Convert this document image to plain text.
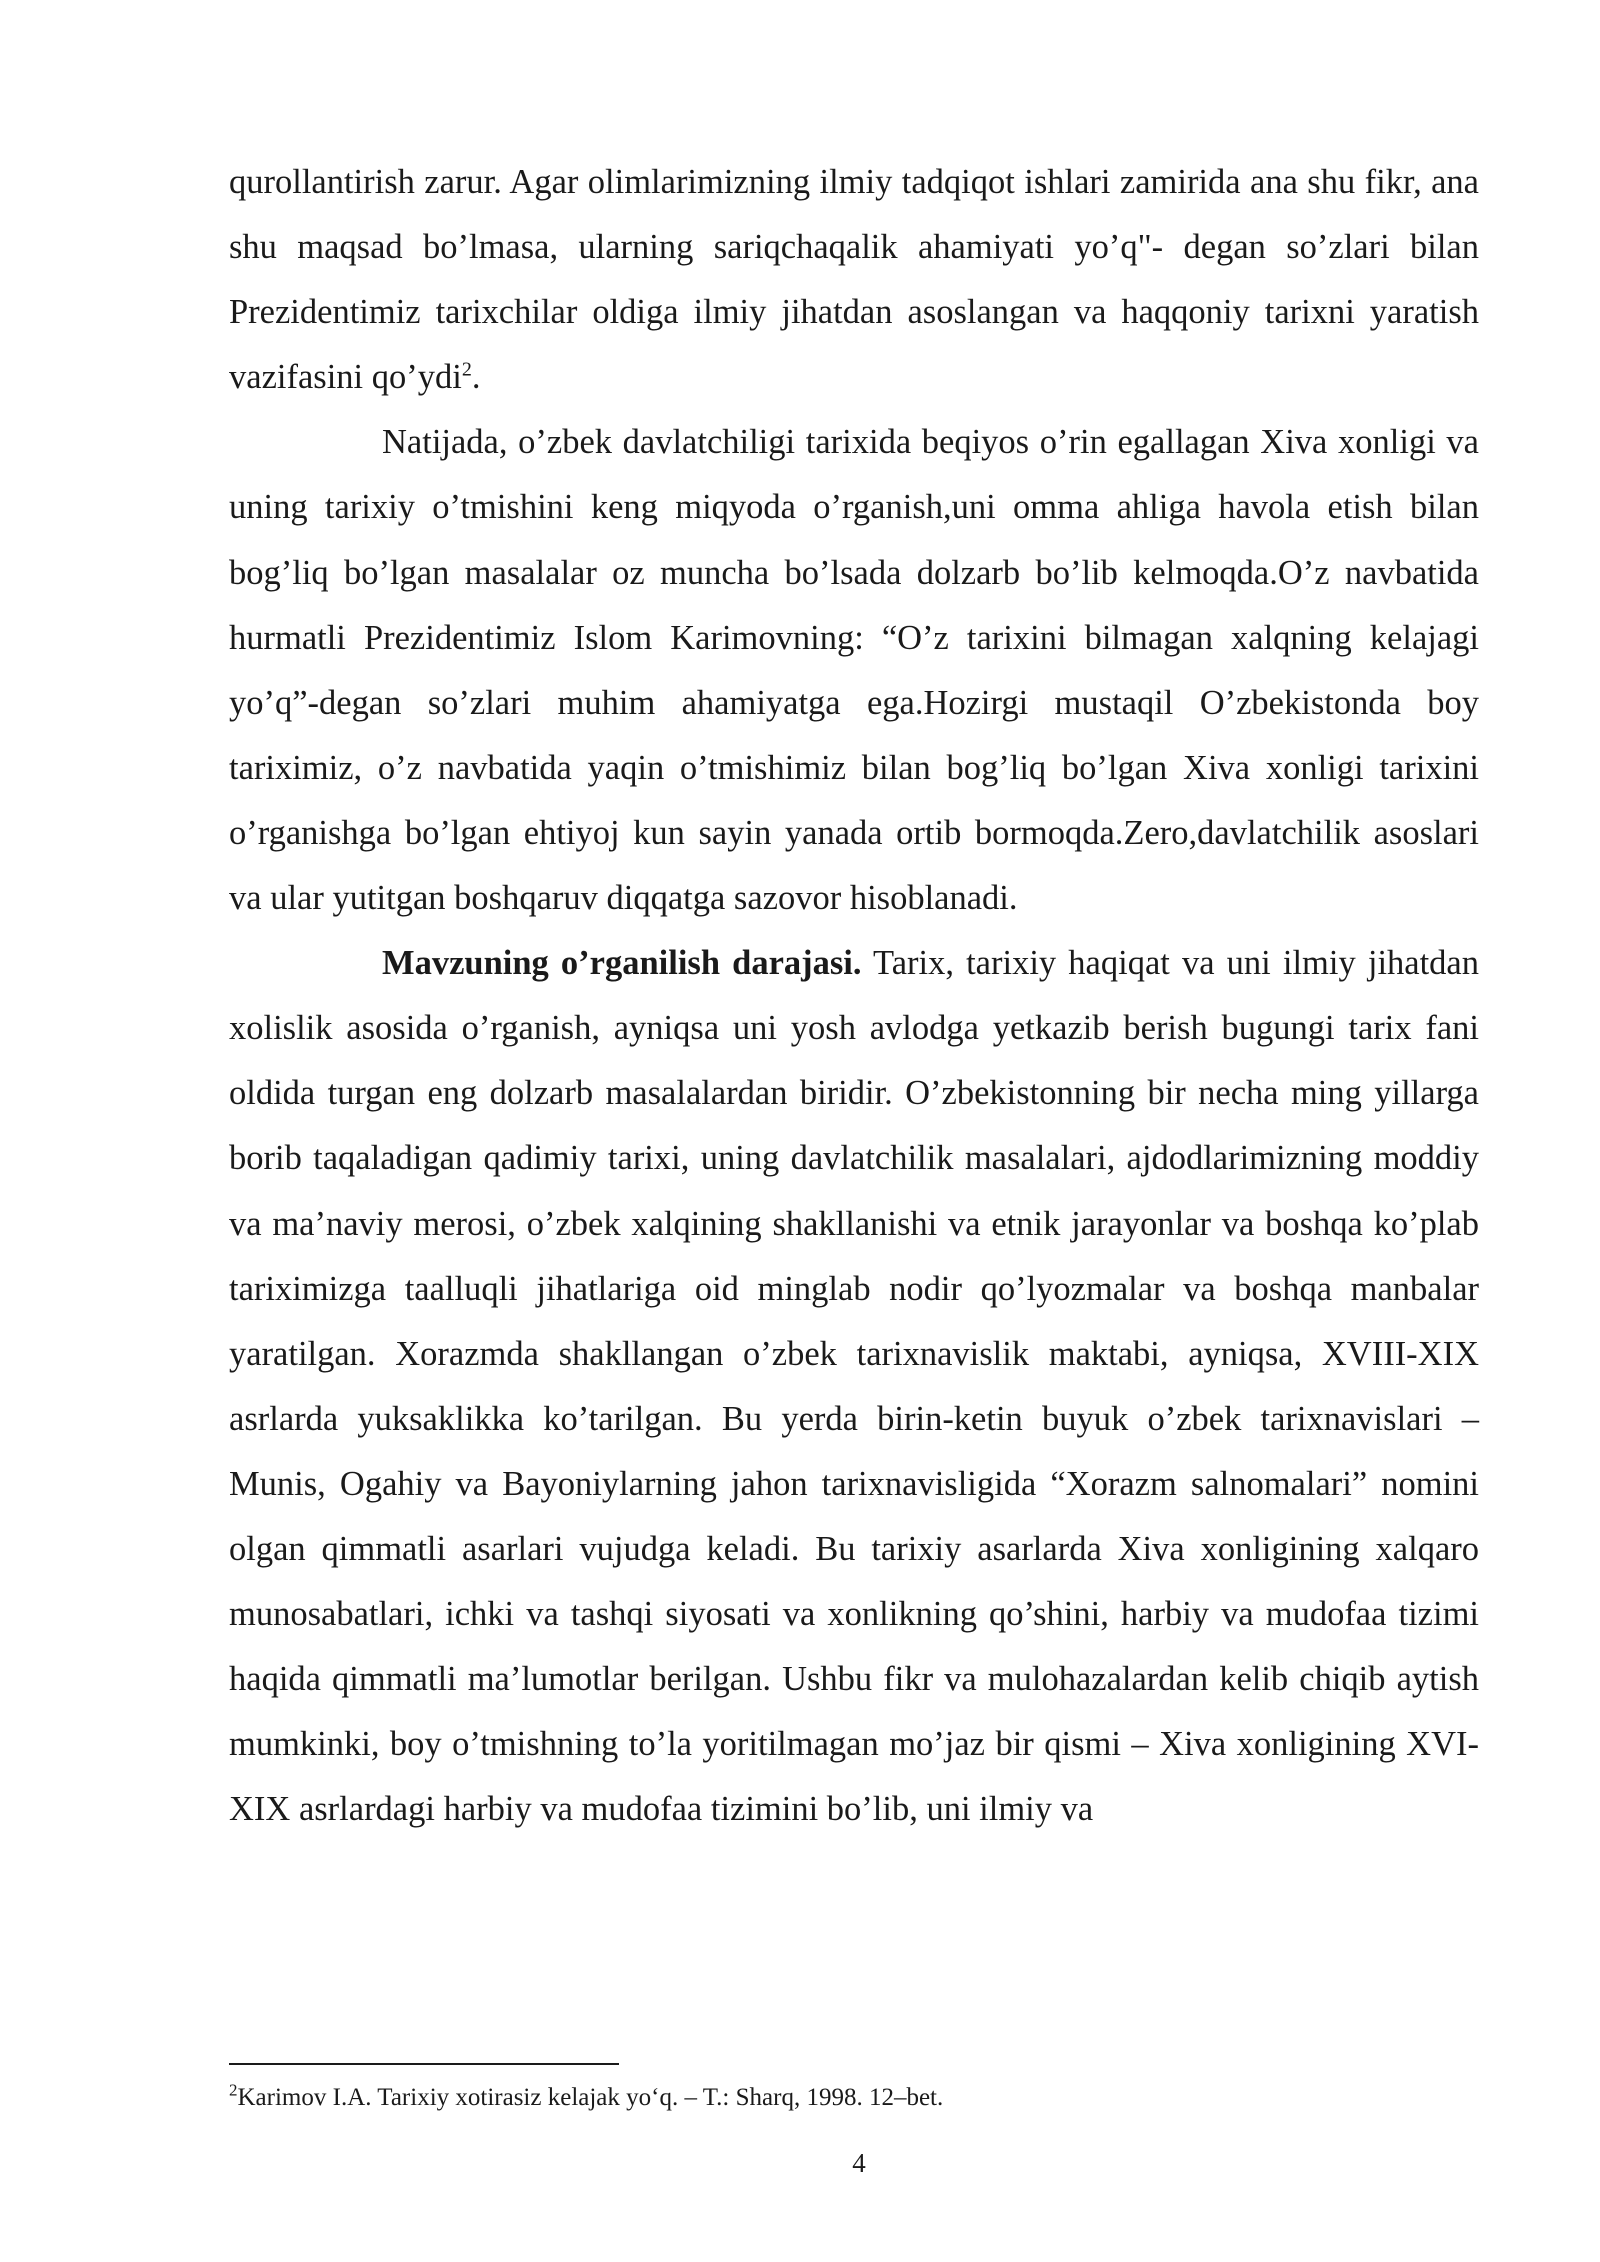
qurollantirish zarur. Agar olimlarimizning ilmiy tadqiqot ishlari zamirida ana shu fikr, ana shu maqsad bo’lmasa, ularning sariqchaqalik ahamiyati yo’q"- degan so’zlari bilan Prezidentimiz tarixchilar oldiga ilmiy jihatdan asoslangan va haqqoniy tarixni yaratish vazifasini qo’ydi$^2$.

Natijada, o’zbek davlatchiligi tarixida beqiyos o’rin egallagan Xiva xonligi va uning tarixiy o’tmishini keng miqyoda o’rganish,uni omma ahliga havola etish bilan bog’liq bo’lgan masalalar oz muncha bo’lsada dolzarb bo’lib kelmoqda.O’z navbatida hurmatli Prezidentimiz Islom Karimovning: “O’z tarixini bilmagan xalqning kelajagi yo’q”-degan so’zlari muhim ahamiyatga ega.Hozirgi mustaqil O’zbekistonda boy tariximiz, o’z navbatida yaqin o’tmishimiz bilan bog’liq bo’lgan Xiva xonligi tarixini o’rganishga bo’lgan ehtiyoj kun sayin yanada ortib bormoqda.Zero,davlatchilik asoslari va ular yutitgan boshqaruv diqqatga sazovor hisoblanadi.

Mavzuning o’rganilish darajasi. Tarix, tarixiy haqiqat va uni ilmiy jihatdan xolislik asosida o’rganish, ayniqsa uni yosh avlodga yetkazib berish bugungi tarix fani oldida turgan eng dolzarb masalalardan biridir. O’zbekistonning bir necha ming yillarga borib taqaladigan qadimiy tarixi, uning davlatchilik masalalari, ajdodlarimizning moddiy va ma’naviy merosi, o’zbek xalqining shakllanishi va etnik jarayonlar va boshqa ko’plab tariximizga taalluqli jihatlariga oid minglab nodir qo’lyozmalar va boshqa manbalar yaratilgan. Xorazmda shakllangan o’zbek tarixnavislik maktabi, ayniqsa, XVIII-XIX asrlarda yuksaklikka ko’tarilgan. Bu yerda birin-ketin buyuk o’zbek tarixnavislari – Munis, Ogahiy va Bayoniylarning jahon tarixnavisligida “Xorazm salnomalari” nomini olgan qimmatli asarlari vujudga keladi. Bu tarixiy asarlarda Xiva xonligining xalqaro munosabatlari, ichki va tashqi siyosati va xonlikning qo’shini, harbiy va mudofaa tizimi haqida qimmatli ma’lumotlar berilgan. Ushbu fikr va mulohazalardan kelib chiqib aytish mumkinki, boy o’tmishning to’la yoritilmagan mo’jaz bir qismi – Xiva xonligining XVI-XIX asrlardagi harbiy va mudofaa tizimini bo’lib, uni ilmiy va

$^2$Karimov I.A. Tarixiy xotirasiz kelajak yo‘q. – T.: Sharq, 1998. 12–bet.
4
